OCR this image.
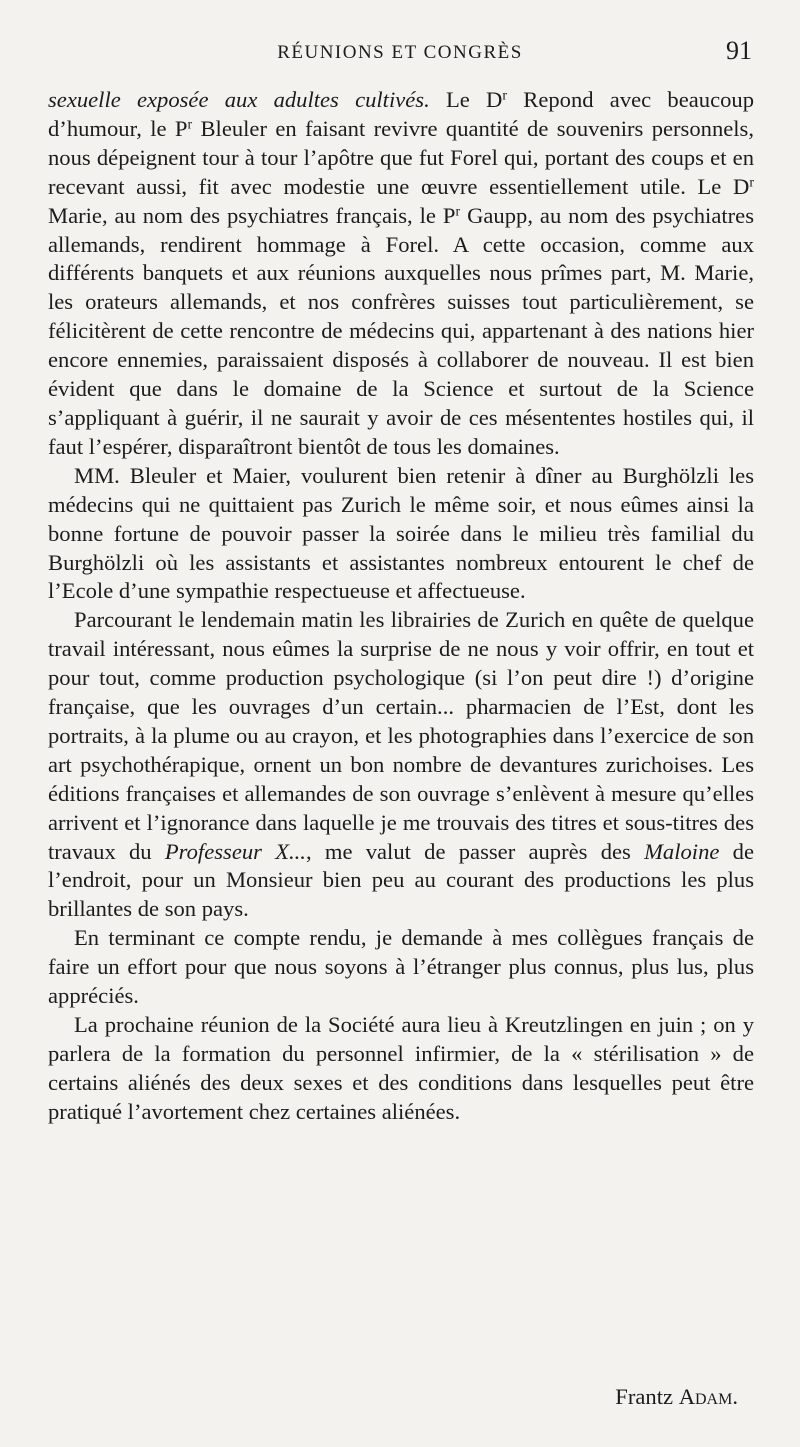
RÉUNIONS ET CONGRÈS	91

sexuelle exposée aux adultes cultivés. Le $D^r$ Repond avec beaucoup d’humour, le $P^r$ Bleuler en faisant revivre quantité de souvenirs personnels, nous dépeignent tour à tour l’apôtre que fut Forel qui, portant des coups et en recevant aussi, fit avec modestie une œuvre essentiellement utile. Le $D^r$ Marie, au nom des psychiatres français, le $P^r$ Gaupp, au nom des psychiatres allemands, rendirent hommage à Forel. A cette occasion, comme aux différents banquets et aux réunions auxquelles nous prîmes part, M. Marie, les orateurs allemands, et nos confrères suisses tout particulièrement, se félicitèrent de cette rencontre de médecins qui, appartenant à des nations hier encore ennemies, paraissaient disposés à collaborer de nouveau. Il est bien évident que dans le domaine de la Science et surtout de la Science s’appliquant à guérir, il ne saurait y avoir de ces mésententes hostiles qui, il faut l’espérer, disparaîtront bientôt de tous les domaines.

MM. Bleuler et Maier, voulurent bien retenir à dîner au Burghölzli les médecins qui ne quittaient pas Zurich le même soir, et nous eûmes ainsi la bonne fortune de pouvoir passer la soirée dans le milieu très familial du Burghölzli où les assistants et assistantes nombreux entourent le chef de l’Ecole d’une sympathie respectueuse et affectueuse.

Parcourant le lendemain matin les librairies de Zurich en quête de quelque travail intéressant, nous eûmes la surprise de ne nous y voir offrir, en tout et pour tout, comme production psychologique (si l’on peut dire !) d’origine française, que les ouvrages d’un certain... pharmacien de l’Est, dont les portraits, à la plume ou au crayon, et les photographies dans l’exercice de son art psychothérapique, ornent un bon nombre de devantures zurichoises. Les éditions françaises et allemandes de son ouvrage s’enlèvent à mesure qu’elles arrivent et l’ignorance dans laquelle je me trouvais des titres et sous-titres des travaux du Professeur X..., me valut de passer auprès des Maloine de l’endroit, pour un Monsieur bien peu au courant des productions les plus brillantes de son pays.

En terminant ce compte rendu, je demande à mes collègues français de faire un effort pour que nous soyons à l’étranger plus connus, plus lus, plus appréciés.

La prochaine réunion de la Société aura lieu à Kreutzlingen en juin ; on y parlera de la formation du personnel infirmier, de la « stérilisation » de certains aliénés des deux sexes et des conditions dans lesquelles peut être pratiqué l’avortement chez certaines aliénées.

Frantz Adam.
